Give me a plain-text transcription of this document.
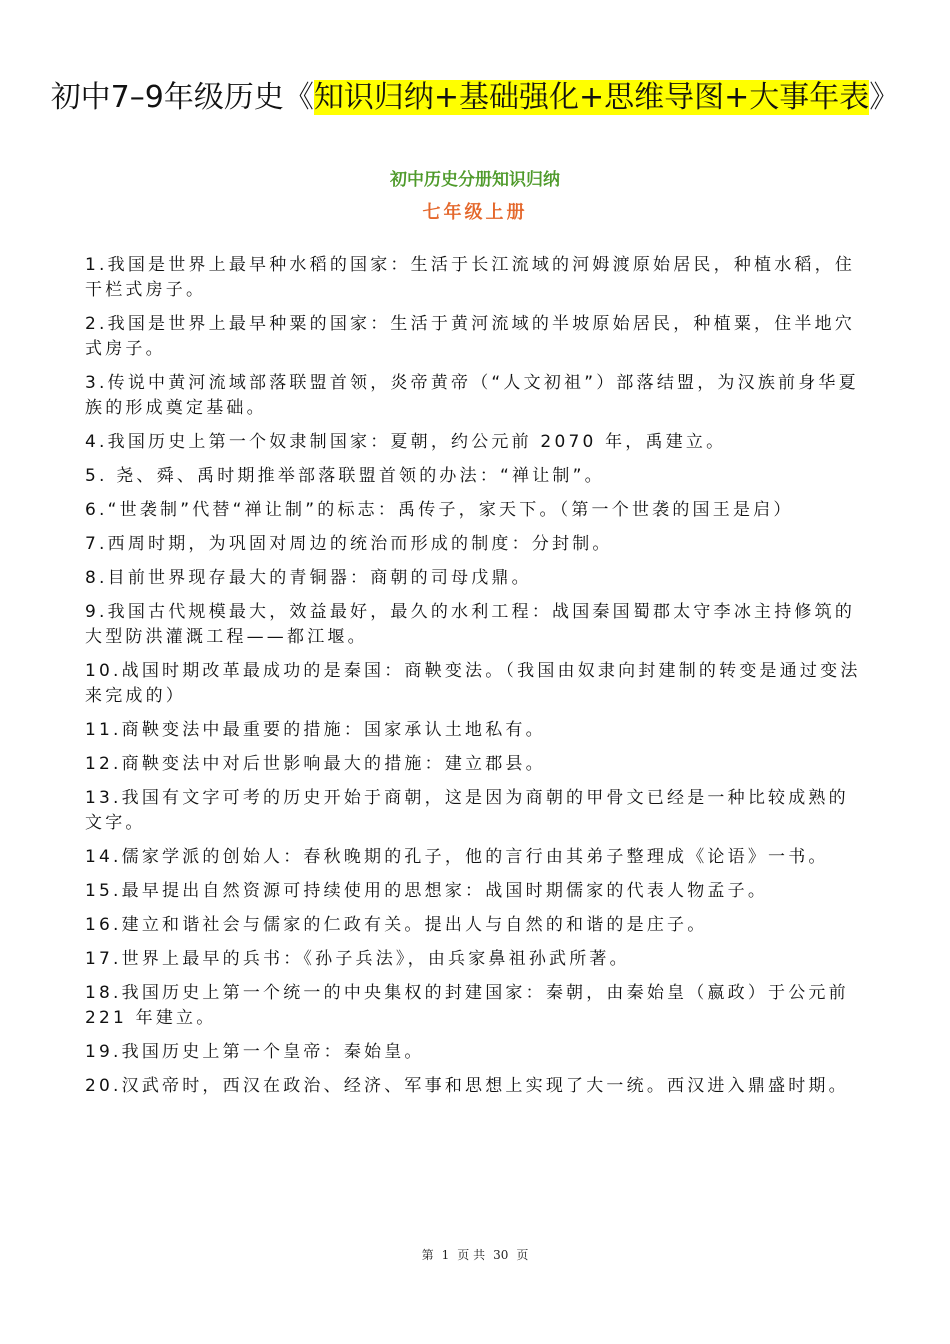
初中7–9年级历史《知识归纳+基础强化+思维导图+大事年表》
初中历史分册知识归纳
七年级上册
1.我国是世界上最早种水稻的国家：生活于长江流域的河姆渡原始居民，种植水稻，住干栏式房子。
2.我国是世界上最早种粟的国家：生活于黄河流域的半坡原始居民，种植粟，住半地穴式房子。
3.传说中黄河流域部落联盟首领，炎帝黄帝（“人文初祖”）部落结盟，为汉族前身华夏族的形成奠定基础。
4.我国历史上第一个奴隶制国家：夏朝，约公元前 2070 年，禹建立。
5. 尧、舜、禹时期推举部落联盟首领的办法：“禅让制”。
6.“世袭制”代替“禅让制”的标志：禹传子，家天下。（第一个世袭的国王是启）
7.西周时期，为巩固对周边的统治而形成的制度：分封制。
8.目前世界现存最大的青铜器：商朝的司母戊鼎。
9.我国古代规模最大，效益最好，最久的水利工程：战国秦国蜀郡太守李冰主持修筑的大型防洪灌溉工程——都江堰。
10.战国时期改革最成功的是秦国：商鞅变法。（我国由奴隶向封建制的转变是通过变法来完成的）
11.商鞅变法中最重要的措施：国家承认土地私有。
12.商鞅变法中对后世影响最大的措施：建立郡县。
13.我国有文字可考的历史开始于商朝，这是因为商朝的甲骨文已经是一种比较成熟的文字。
14.儒家学派的创始人：春秋晚期的孔子，他的言行由其弟子整理成《论语》一书。
15.最早提出自然资源可持续使用的思想家：战国时期儒家的代表人物孟子。
16.建立和谐社会与儒家的仁政有关。提出人与自然的和谐的是庄子。
17.世界上最早的兵书：《孙子兵法》，由兵家鼻祖孙武所著。
18.我国历史上第一个统一的中央集权的封建国家：秦朝，由秦始皇（嬴政）于公元前 221 年建立。
19.我国历史上第一个皇帝：秦始皇。
20.汉武帝时，西汉在政治、经济、军事和思想上实现了大一统。西汉进入鼎盛时期。
第 1 页 共 30 页
